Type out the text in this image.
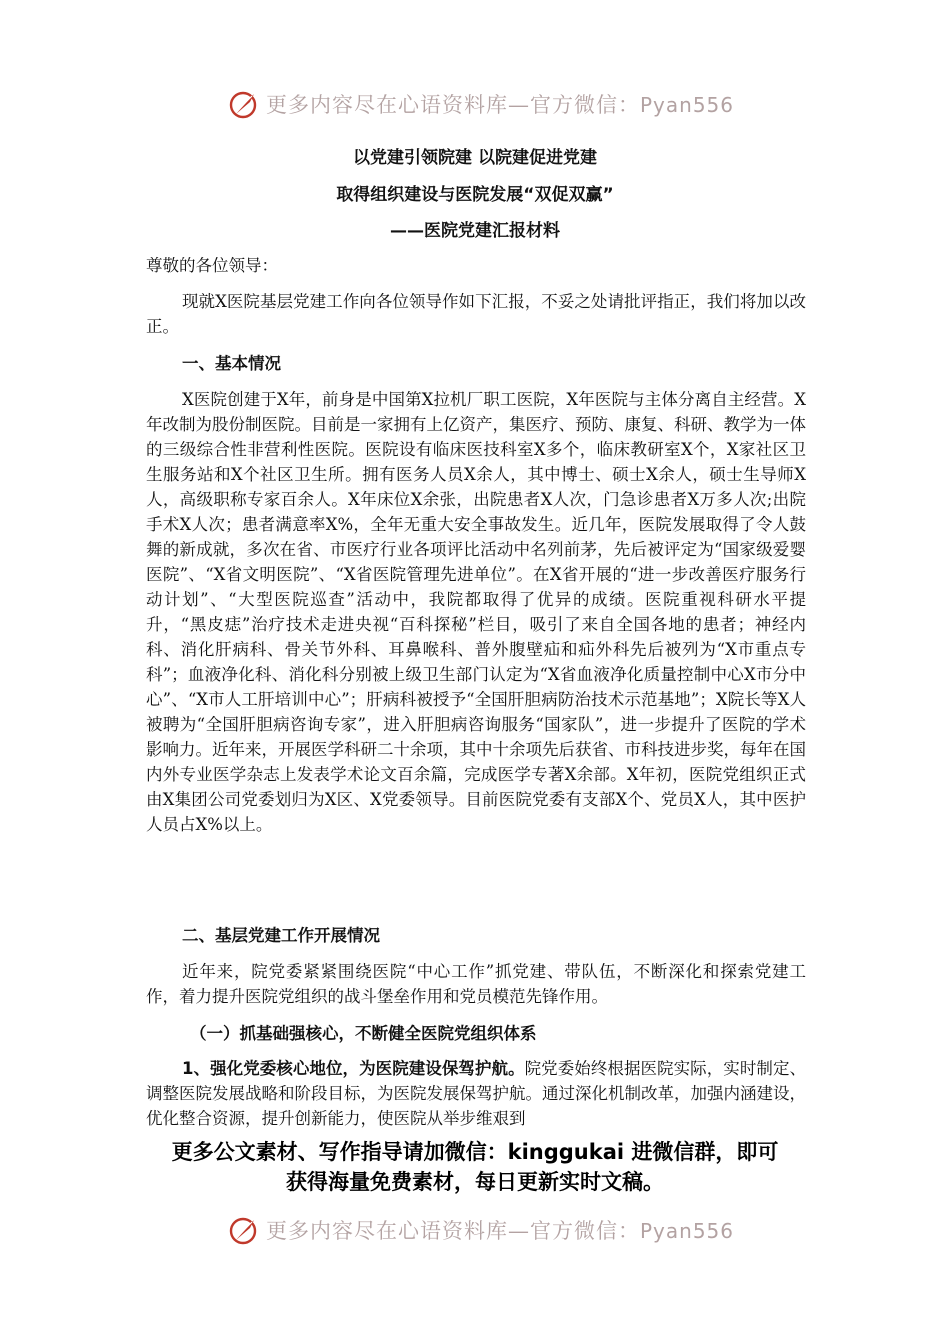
更多内容尽在心语资料库—官方微信：Pyan556
以党建引领院建 以院建促进党建
取得组织建设与医院发展“双促双赢”
——医院党建汇报材料
尊敬的各位领导：
现就X医院基层党建工作向各位领导作如下汇报，不妥之处请批评指正，我们将加以改正。
一、基本情况
X医院创建于X年，前身是中国第X拉机厂职工医院，X年医院与主体分离自主经营。X年改制为股份制医院。目前是一家拥有上亿资产，集医疗、预防、康复、科研、教学为一体的三级综合性非营利性医院。医院设有临床医技科室X多个，临床教研室X个，X家社区卫生服务站和X个社区卫生所。拥有医务人员X余人，其中博士、硕士X余人，硕士生导师X人，高级职称专家百余人。X年床位X余张，出院患者X人次，门急诊患者X万多人次;出院手术X人次；患者满意率X%，全年无重大安全事故发生。近几年，医院发展取得了令人鼓舞的新成就，多次在省、市医疗行业各项评比活动中名列前茅，先后被评定为“国家级爱婴医院”、“X省文明医院”、“X省医院管理先进单位”。在X省开展的“进一步改善医疗服务行动计划”、“大型医院巡查”活动中，我院都取得了优异的成绩。医院重视科研水平提升，“黑皮痣”治疗技术走进央视“百科探秘”栏目，吸引了来自全国各地的患者；神经内科、消化肝病科、骨关节外科、耳鼻喉科、普外腹壁疝和疝外科先后被列为“X市重点专科”；血液净化科、消化科分别被上级卫生部门认定为“X省血液净化质量控制中心X市分中心”、“X市人工肝培训中心”；肝病科被授予“全国肝胆病防治技术示范基地”；X院长等X人被聘为“全国肝胆病咨询专家”，进入肝胆病咨询服务“国家队”，进一步提升了医院的学术影响力。近年来，开展医学科研二十余项，其中十余项先后获省、市科技进步奖，每年在国内外专业医学杂志上发表学术论文百余篇，完成医学专著X余部。X年初，医院党组织正式由X集团公司党委划归为X区、X党委领导。目前医院党委有支部X个、党员X人，其中医护人员占X%以上。
二、基层党建工作开展情况
近年来，院党委紧紧围绕医院“中心工作”抓党建、带队伍，不断深化和探索党建工作，着力提升医院党组织的战斗堡垒作用和党员模范先锋作用。
（一）抓基础强核心，不断健全医院党组织体系
1、强化党委核心地位，为医院建设保驾护航。院党委始终根据医院实际，实时制定、调整医院发展战略和阶段目标，为医院发展保驾护航。通过深化机制改革，加强内涵建设，优化整合资源，提升创新能力，使医院从举步维艰到
更多公文素材、写作指导请加微信：kinggukai 进微信群，即可
获得海量免费素材，每日更新实时文稿。
更多内容尽在心语资料库—官方微信：Pyan556
